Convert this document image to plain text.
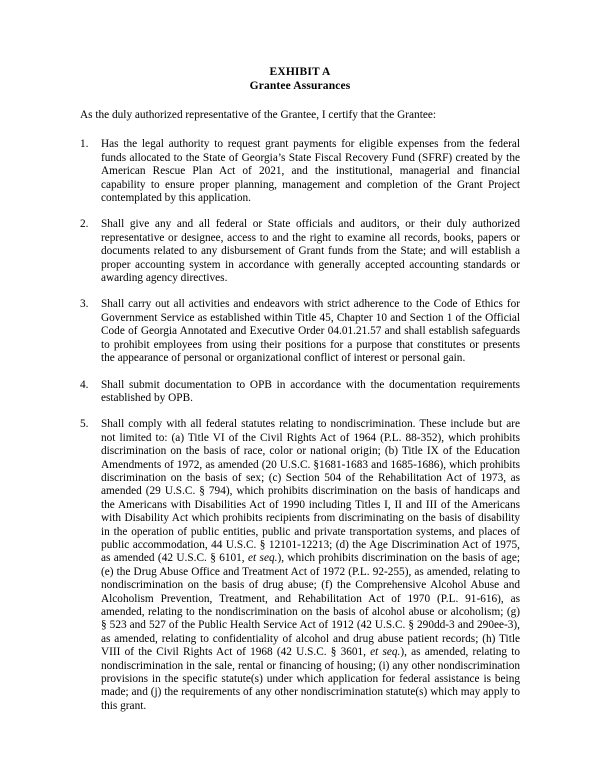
EXHIBIT A
Grantee Assurances

As the duly authorized representative of the Grantee, I certify that the Grantee:

1.	Has the legal authority to request grant payments for eligible expenses from the federal funds allocated to the State of Georgia’s State Fiscal Recovery Fund (SFRF) created by the American Rescue Plan Act of 2021, and the institutional, managerial and financial capability to ensure proper planning, management and completion of the Grant Project contemplated by this application.
2.	Shall give any and all federal or State officials and auditors, or their duly authorized representative or designee, access to and the right to examine all records, books, papers or documents related to any disbursement of Grant funds from the State; and will establish a proper accounting system in accordance with generally accepted accounting standards or awarding agency directives.
3.	Shall carry out all activities and endeavors with strict adherence to the Code of Ethics for Government Service as established within Title 45, Chapter 10 and Section 1 of the Official Code of Georgia Annotated and Executive Order 04.01.21.57 and shall establish safeguards to prohibit employees from using their positions for a purpose that constitutes or presents the appearance of personal or organizational conflict of interest or personal gain.
4.	Shall submit documentation to OPB in accordance with the documentation requirements established by OPB.
5.	Shall comply with all federal statutes relating to nondiscrimination. These include but are not limited to: (a) Title VI of the Civil Rights Act of 1964 (P.L. 88-352), which prohibits discrimination on the basis of race, color or national origin; (b) Title IX of the Education Amendments of 1972, as amended (20 U.S.C. §1681-1683 and 1685-1686), which prohibits discrimination on the basis of sex; (c) Section 504 of the Rehabilitation Act of 1973, as amended (29 U.S.C. § 794), which prohibits discrimination on the basis of handicaps and the Americans with Disabilities Act of 1990 including Titles I, II and III of the Americans with Disability Act which prohibits recipients from discriminating on the basis of disability in the operation of public entities, public and private transportation systems, and places of public accommodation, 44 U.S.C. § 12101-12213; (d) the Age Discrimination Act of 1975, as amended (42 U.S.C. § 6101, et seq.), which prohibits discrimination on the basis of age; (e) the Drug Abuse Office and Treatment Act of 1972 (P.L. 92-255), as amended, relating to nondiscrimination on the basis of drug abuse; (f) the Comprehensive Alcohol Abuse and Alcoholism Prevention, Treatment, and Rehabilitation Act of 1970 (P.L. 91-616), as amended, relating to the nondiscrimination on the basis of alcohol abuse or alcoholism; (g) § 523 and 527 of the Public Health Service Act of 1912 (42 U.S.C. § 290dd-3 and 290ee-3), as amended, relating to confidentiality of alcohol and drug abuse patient records; (h) Title VIII of the Civil Rights Act of 1968 (42 U.S.C. § 3601, et seq.), as amended, relating to nondiscrimination in the sale, rental or financing of housing; (i) any other nondiscrimination provisions in the specific statute(s) under which application for federal assistance is being made; and (j) the requirements of any other nondiscrimination statute(s) which may apply to this grant.
